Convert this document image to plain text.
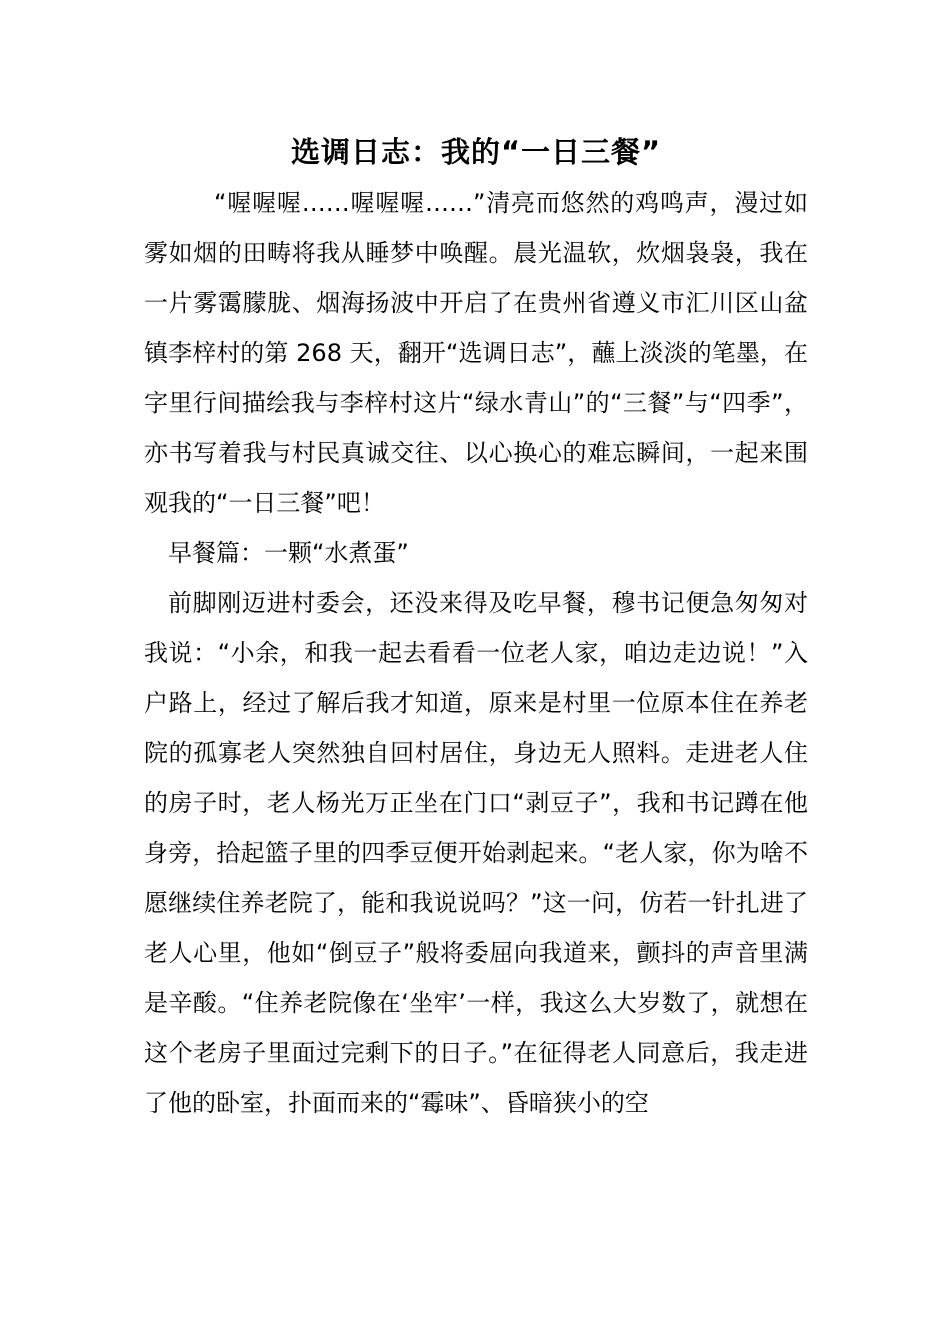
选调日志：我的“一日三餐”

“喔喔喔……喔喔喔……”清亮而悠然的鸡鸣声，漫过如雾如烟的田畴将我从睡梦中唤醒。晨光温软，炊烟袅袅，我在一片雾霭朦胧、烟海扬波中开启了在贵州省遵义市汇川区山盆镇李梓村的第 268 天，翻开“选调日志”，蘸上淡淡的笔墨，在字里行间描绘我与李梓村这片“绿水青山”的“三餐”与“四季”，亦书写着我与村民真诚交往、以心换心的难忘瞬间，一起来围观我的“一日三餐”吧！

早餐篇：一颗“水煮蛋”

前脚刚迈进村委会，还没来得及吃早餐，穆书记便急匆匆对我说：“小余，和我一起去看看一位老人家，咱边走边说！”入户路上，经过了解后我才知道，原来是村里一位原本住在养老院的孤寡老人突然独自回村居住，身边无人照料。走进老人住的房子时，老人杨光万正坐在门口“剥豆子”，我和书记蹲在他身旁，拾起篮子里的四季豆便开始剥起来。“老人家，你为啥不愿继续住养老院了，能和我说说吗？”这一问，仿若一针扎进了老人心里，他如“倒豆子”般将委屈向我道来，颤抖的声音里满是辛酸。“住养老院像在‘坐牢’一样，我这么大岁数了，就想在这个老房子里面过完剩下的日子。”在征得老人同意后，我走进了他的卧室，扑面而来的“霉味”、昏暗狭小的空
